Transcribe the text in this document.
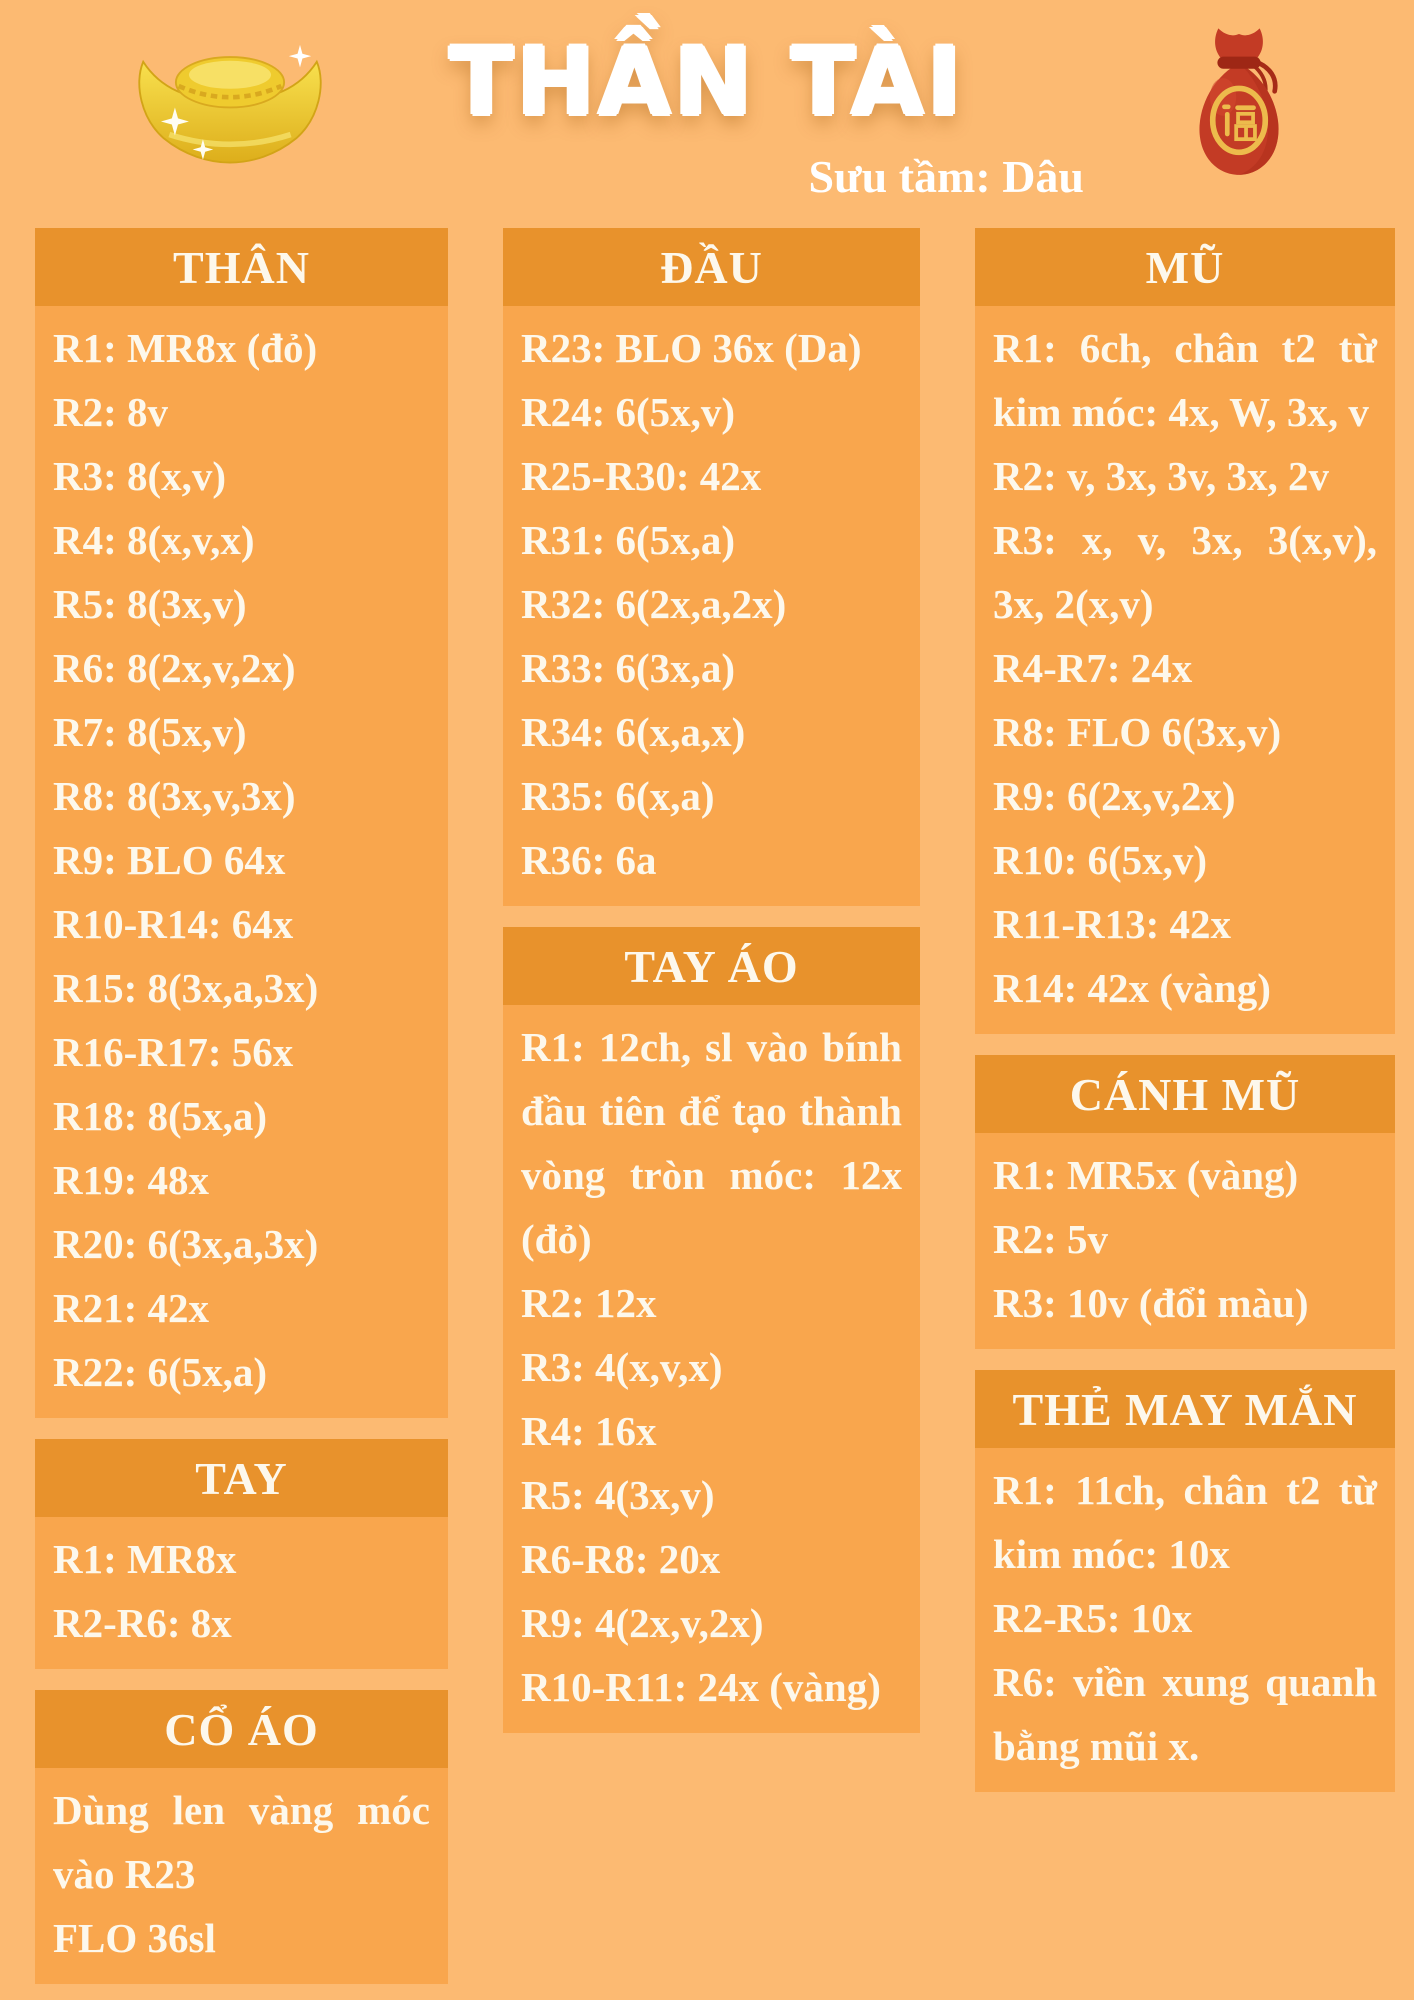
THẦN TÀI
Sưu tầm: Dâu
THÂN
R1: MR8x (đỏ)
R2: 8v
R3: 8(x,v)
R4: 8(x,v,x)
R5: 8(3x,v)
R6: 8(2x,v,2x)
R7: 8(5x,v)
R8: 8(3x,v,3x)
R9: BLO 64x
R10-R14: 64x
R15: 8(3x,a,3x)
R16-R17: 56x
R18: 8(5x,a)
R19: 48x
R20: 6(3x,a,3x)
R21: 42x
R22: 6(5x,a)
TAY
R1: MR8x
R2-R6: 8x
CỔ ÁO
Dùng len vàng móc vào R23
FLO 36sl
ĐẦU
R23: BLO 36x (Da)
R24: 6(5x,v)
R25-R30: 42x
R31: 6(5x,a)
R32: 6(2x,a,2x)
R33: 6(3x,a)
R34: 6(x,a,x)
R35: 6(x,a)
R36: 6a
TAY ÁO
R1: 12ch, sl vào bính đầu tiên để tạo thành vòng tròn móc: 12x (đỏ)
R2: 12x
R3: 4(x,v,x)
R4: 16x
R5: 4(3x,v)
R6-R8: 20x
R9: 4(2x,v,2x)
R10-R11: 24x (vàng)
MŨ
R1: 6ch, chân t2 từ kim móc: 4x, W, 3x, v
R2: v, 3x, 3v, 3x, 2v
R3: x, v, 3x, 3(x,v), 3x, 2(x,v)
R4-R7: 24x
R8: FLO 6(3x,v)
R9: 6(2x,v,2x)
R10: 6(5x,v)
R11-R13: 42x
R14: 42x (vàng)
CÁNH MŨ
R1: MR5x (vàng)
R2: 5v
R3: 10v (đổi màu)
THẺ MAY MẮN
R1: 11ch, chân t2 từ kim móc: 10x
R2-R5: 10x
R6: viền xung quanh bằng mũi x.
